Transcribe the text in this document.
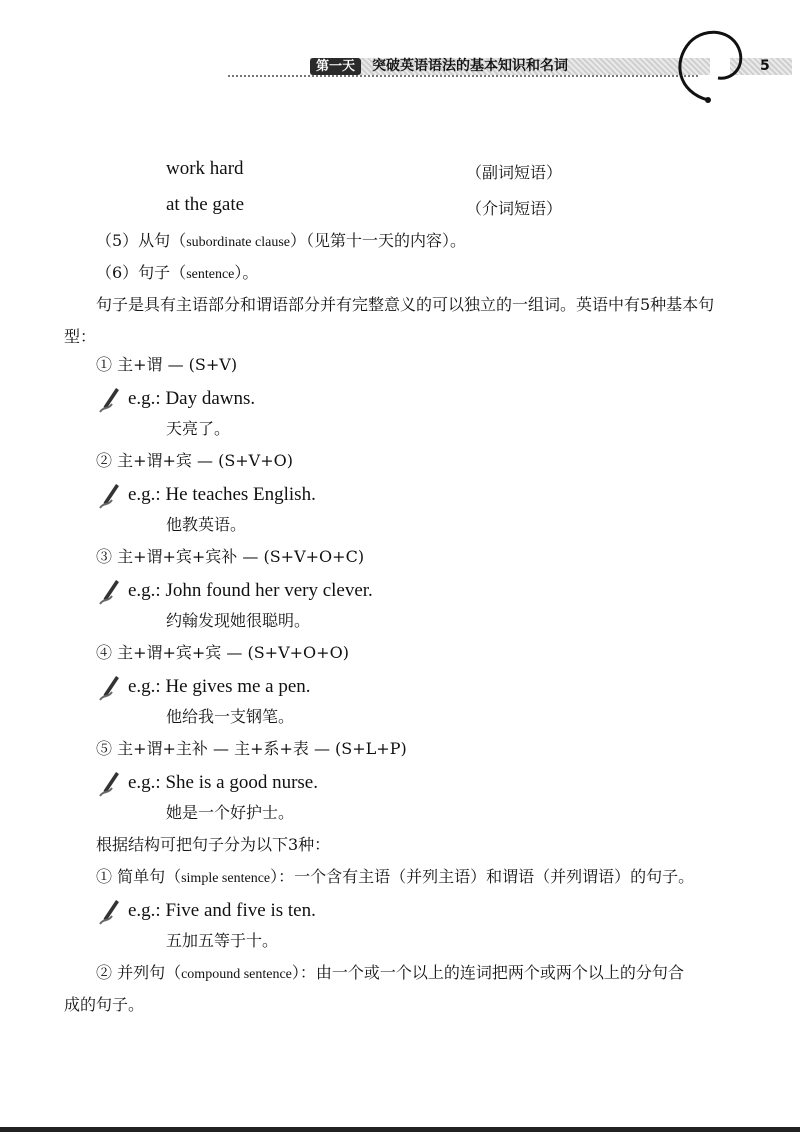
第一天	突破英语语法的基本知识和名词	5
work hard	（副词短语）
at the gate	（介词短语）
（5）从句（subordinate clause）（见第十一天的内容）。
（6）句子（sentence）。
句子是具有主语部分和谓语部分并有完整意义的可以独立的一组词。英语中有5种基本句
型：
① 主+谓 — (S+V)
e.g.: Day dawns.
天亮了。
② 主+谓+宾 — (S+V+O)
e.g.: He teaches English.
他教英语。
③ 主+谓+宾+宾补 — (S+V+O+C)
e.g.: John found her very clever.
约翰发现她很聪明。
④ 主+谓+宾+宾 — (S+V+O+O)
e.g.: He gives me a pen.
他给我一支钢笔。
⑤ 主+谓+主补 — 主+系+表 — (S+L+P)
e.g.: She is a good nurse.
她是一个好护士。
根据结构可把句子分为以下3种：
① 简单句（simple sentence）：一个含有主语（并列主语）和谓语（并列谓语）的句子。
e.g.: Five and five is ten.
五加五等于十。
② 并列句（compound sentence）：由一个或一个以上的连词把两个或两个以上的分句合
成的句子。
